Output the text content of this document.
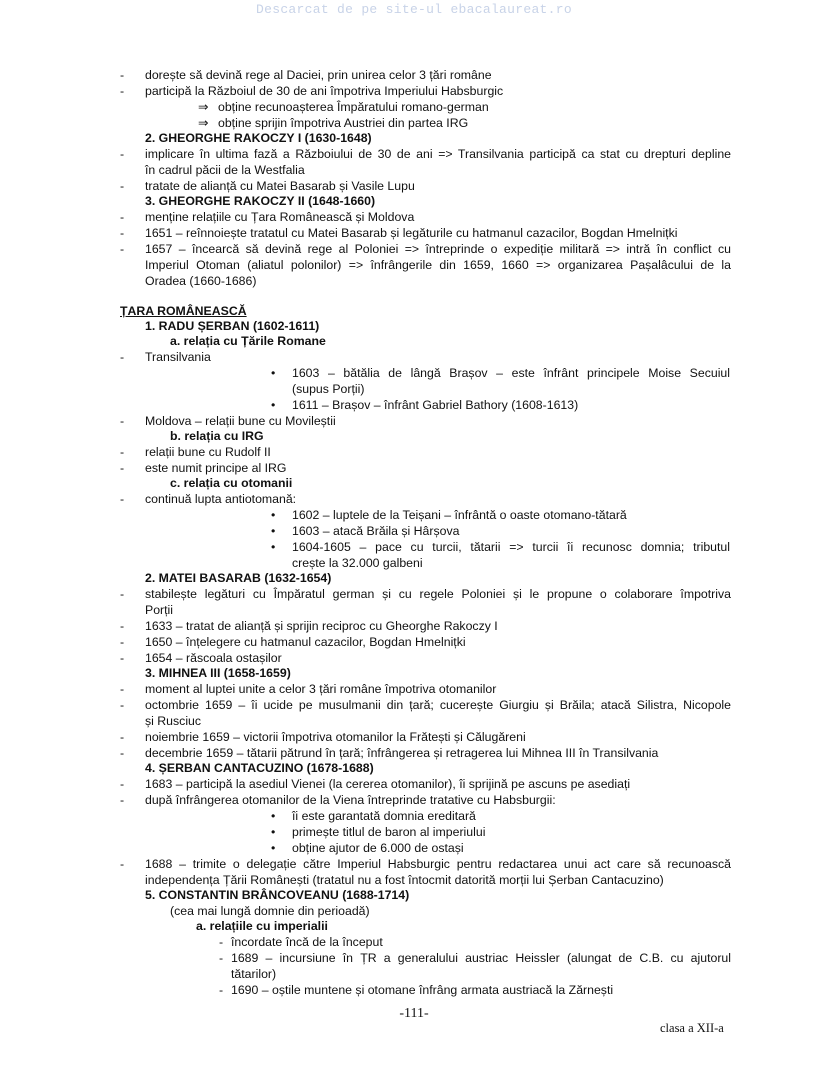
Descarcat de pe site-ul ebacalaureat.ro
- dorește să devină rege al Daciei, prin unirea celor 3 țări române
- participă la Războiul de 30 de ani împotriva Imperiului Habsburgic
⇒ obține recunoașterea Împăratului romano-german
⇒ obține sprijin împotriva Austriei din partea IRG
2. GHEORGHE RAKOCZY I (1630-1648)
- implicare în ultima fază a Războiului de 30 de ani => Transilvania participă ca stat cu drepturi depline
în cadrul păcii de la Westfalia
- tratate de alianță cu Matei Basarab și Vasile Lupu
3. GHEORGHE RAKOCZY II (1648-1660)
- menține relațiile cu Țara Românească și Moldova
- 1651 – reînnoiește tratatul cu Matei Basarab și legăturile cu hatmanul cazacilor, Bogdan Hmelnițki
- 1657 – încearcă să devină rege al Poloniei => întreprinde o expediție militară => intră în conflict cu
Imperiul Otoman (aliatul polonilor) => înfrângerile din 1659, 1660 => organizarea Pașalâcului de la
Oradea (1660-1686)
ȚARA ROMÂNEASCĂ
1. RADU ȘERBAN (1602-1611)
a. relația cu Țările Romane
- Transilvania
• 1603 – bătălia de lângă Brașov – este înfrânt principele Moise Secuiul
(supus Porții)
• 1611 – Brașov – înfrânt Gabriel Bathory (1608-1613)
- Moldova – relații bune cu Movileștii
b. relația cu IRG
- relații bune cu Rudolf II
- este numit principe al IRG
c. relația cu otomanii
- continuă lupta antiotomană:
• 1602 – luptele de la Teișani – înfrântă o oaste otomano-tătară
• 1603 – atacă Brăila și Hârșova
• 1604-1605 – pace cu turcii, tătarii => turcii îi recunosc domnia; tributul
crește la 32.000 galbeni
2. MATEI BASARAB (1632-1654)
- stabilește legături cu Împăratul german și cu regele Poloniei și le propune o colaborare împotriva
Porții
- 1633 – tratat de alianță și sprijin reciproc cu Gheorghe Rakoczy I
- 1650 – înțelegere cu hatmanul cazacilor, Bogdan Hmelnițki
- 1654 – răscoala ostașilor
3. MIHNEA III (1658-1659)
- moment al luptei unite a celor 3 țări române împotriva otomanilor
- octombrie 1659 – îi ucide pe musulmanii din țară; cucerește Giurgiu și Brăila; atacă Silistra, Nicopole
și Rusciuc
- noiembrie 1659 – victorii împotriva otomanilor la Frătești și Călugăreni
- decembrie 1659 – tătarii pătrund în țară; înfrângerea și retragerea lui Mihnea III în Transilvania
4. ȘERBAN CANTACUZINO (1678-1688)
- 1683 – participă la asediul Vienei (la cererea otomanilor), îi sprijină pe ascuns pe asediați
- după înfrângerea otomanilor de la Viena întreprinde tratative cu Habsburgii:
• îi este garantată domnia ereditară
• primește titlul de baron al imperiului
• obține ajutor de 6.000 de ostași
- 1688 – trimite o delegație către Imperiul Habsburgic pentru redactarea unui act care să recunoască
independența Țării Românești (tratatul nu a fost întocmit datorită morții lui Șerban Cantacuzino)
5. CONSTANTIN BRÂNCOVEANU (1688-1714)
(cea mai lungă domnie din perioadă)
a. relațiile cu imperialii
- încordate încă de la început
- 1689 – incursiune în ȚR a generalului austriac Heissler (alungat de C.B. cu ajutorul
tătarilor)
- 1690 – oștile muntene și otomane înfrâng armata austriacă la Zărnești
-111-
clasa a XII-a
